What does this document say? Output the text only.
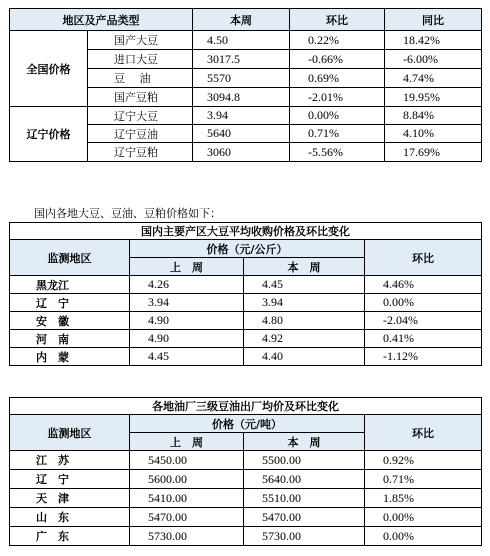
地区及产品类型		本周	环比	同比
全国价格	国产大豆	4.50	0.22%	18.42%
	进口大豆	3017.5	-0.66%	-6.00%
	豆　 油	5570	0.69%	4.74%
	国产豆粕	3094.8	-2.01%	19.95%
辽宁价格	辽宁大豆	3.94	0.00%	8.84%
	辽宁豆油	5640	0.71%	4.10%
	辽宁豆粕	3060	-5.56%	17.69%
国内各地大豆、豆油、豆粕价格如下：
国内主要产区大豆平均收购价格及环比变化			
监测地区	价格（元/公斤）		环比
	上　周	本　周	
黑龙江	4.26	4.45	4.46%
辽　宁	3.94	3.94	0.00%
安　徽	4.90	4.80	-2.04%
河　南	4.90	4.92	0.41%
内　蒙	4.45	4.40	-1.12%
各地油厂三级豆油出厂均价及环比变化			
监测地区	价格（元/吨）		环比
	上　周	本　周	
江　苏	5450.00	5500.00	0.92%
辽　宁	5600.00	5640.00	0.71%
天　津	5410.00	5510.00	1.85%
山　东	5470.00	5470.00	0.00%
广　东	5730.00	5730.00	0.00%
